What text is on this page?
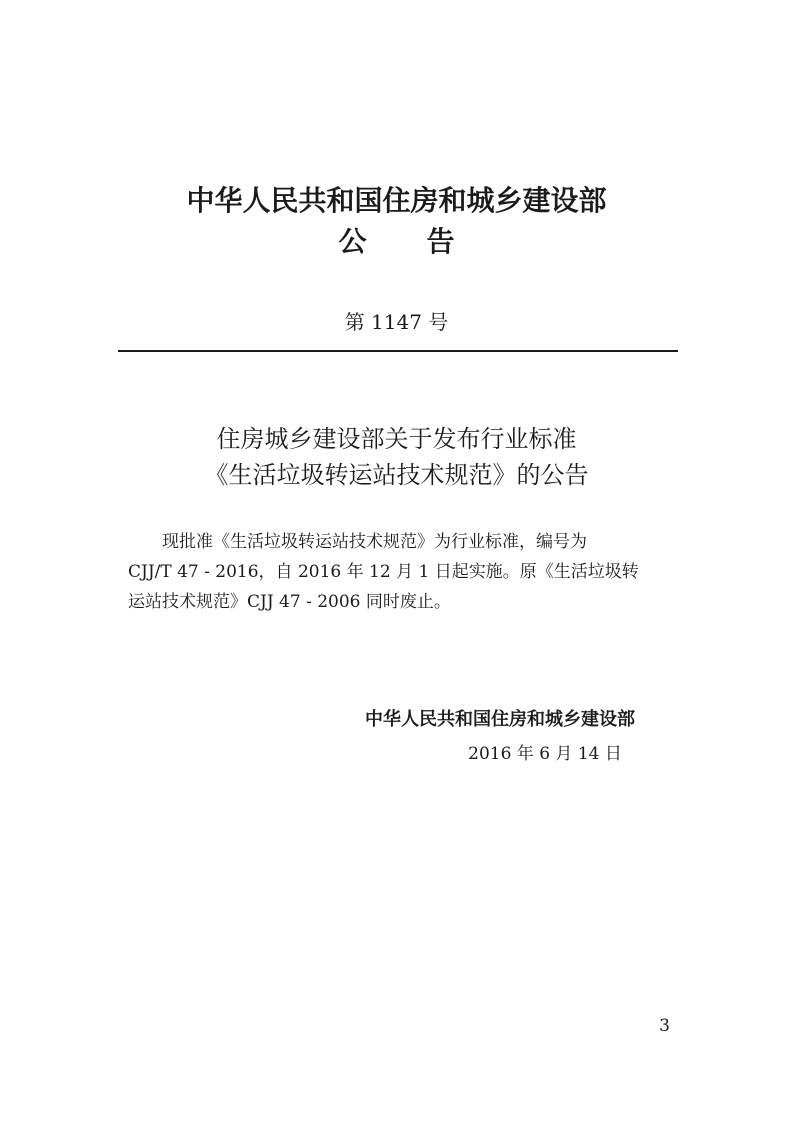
中华人民共和国住房和城乡建设部
公告
第 1147 号
住房城乡建设部关于发布行业标准
《生活垃圾转运站技术规范》的公告
现批准《生活垃圾转运站技术规范》为行业标准，编号为
CJJ/T 47 - 2016，自 2016 年 12 月 1 日起实施。原《生活垃圾转
运站技术规范》CJJ 47 - 2006 同时废止。
中华人民共和国住房和城乡建设部
2016 年 6 月 14 日
3
